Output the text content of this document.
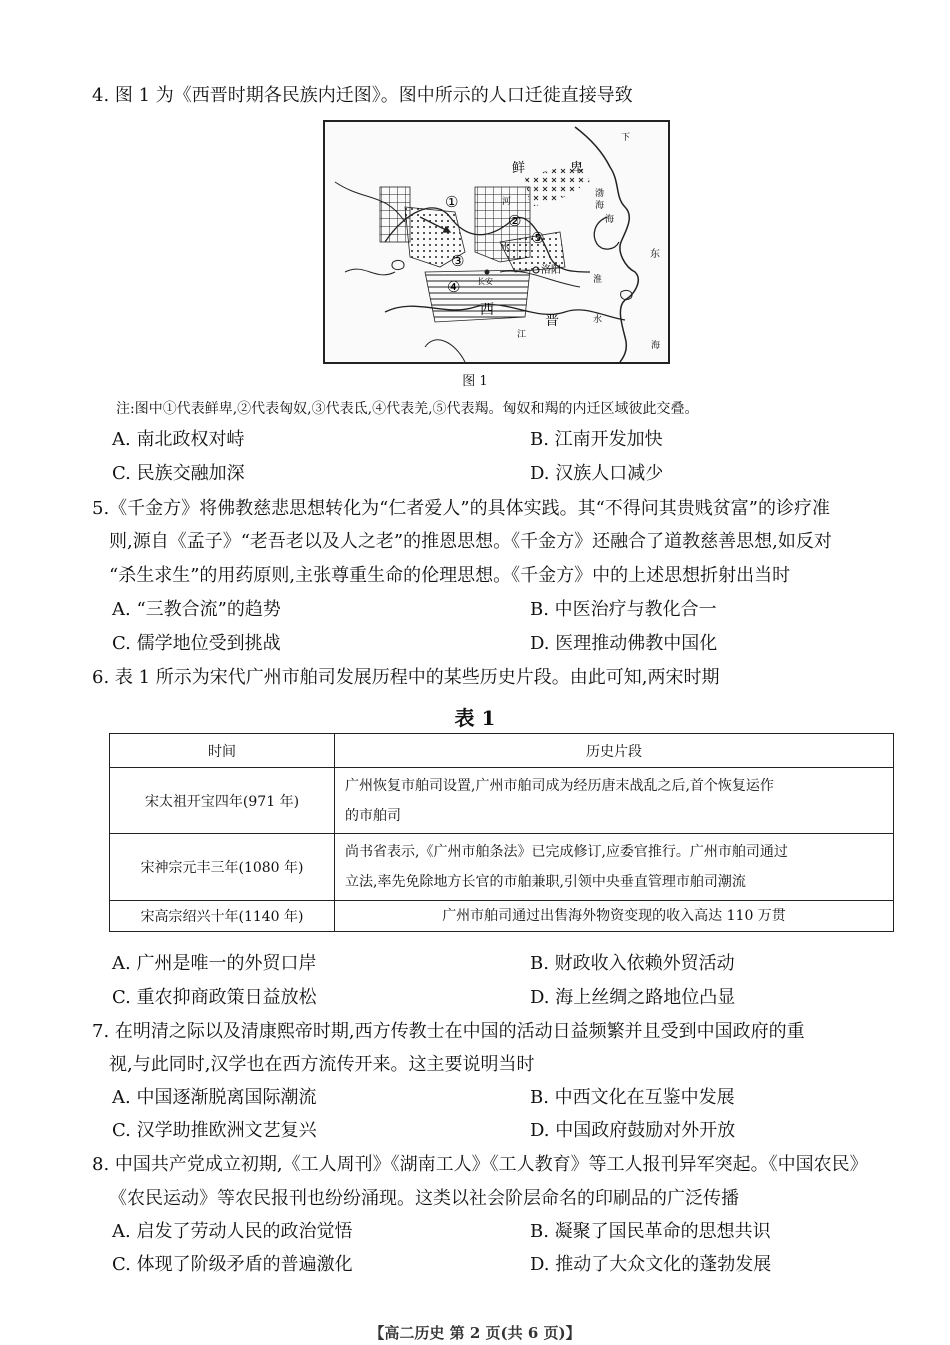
4. 图 1 为《西晋时期各民族内迁图》。图中所示的人口迁徙直接导致
鲜	卑
河
水
洛阳
长安
西
晋	水
江
海
东
海
淮
渤
海
下
①
②
③
④
⑤
图 1
注:图中①代表鲜卑,②代表匈奴,③代表氐,④代表羌,⑤代表羯。匈奴和羯的内迁区域彼此交叠。
A. 南北政权对峙	B. 江南开发加快
C. 民族交融加深	D. 汉族人口减少
5.《千金方》将佛教慈悲思想转化为“仁者爱人”的具体实践。其“不得问其贵贱贫富”的诊疗准
则,源自《孟子》“老吾老以及人之老”的推恩思想。《千金方》还融合了道教慈善思想,如反对
“杀生求生”的用药原则,主张尊重生命的伦理思想。《千金方》中的上述思想折射出当时
A. “三教合流”的趋势	B. 中医治疗与教化合一
C. 儒学地位受到挑战	D. 医理推动佛教中国化
6. 表 1 所示为宋代广州市舶司发展历程中的某些历史片段。由此可知,两宋时期
表 1
时间	历史片段
宋太祖开宝四年(971 年)	广州恢复市舶司设置,广州市舶司成为经历唐末战乱之后,首个恢复运作
的市舶司

宋神宗元丰三年(1080 年)	尚书省表示,《广州市舶条法》已完成修订,应委官推行。广州市舶司通过
立法,率先免除地方长官的市舶兼职,引领中央垂直管理市舶司潮流

宋高宗绍兴十年(1140 年)	广州市舶司通过出售海外物资变现的收入高达 110 万贯
A. 广州是唯一的外贸口岸	B. 财政收入依赖外贸活动
C. 重农抑商政策日益放松	D. 海上丝绸之路地位凸显
7. 在明清之际以及清康熙帝时期,西方传教士在中国的活动日益频繁并且受到中国政府的重
视,与此同时,汉学也在西方流传开来。这主要说明当时
A. 中国逐渐脱离国际潮流	B. 中西文化在互鉴中发展
C. 汉学助推欧洲文艺复兴	D. 中国政府鼓励对外开放
8. 中国共产党成立初期,《工人周刊》《湖南工人》《工人教育》等工人报刊异军突起。《中国农民》
《农民运动》等农民报刊也纷纷涌现。这类以社会阶层命名的印刷品的广泛传播
A. 启发了劳动人民的政治觉悟	B. 凝聚了国民革命的思想共识
C. 体现了阶级矛盾的普遍激化	D. 推动了大众文化的蓬勃发展
【高二历史 第 2 页(共 6 页)】
